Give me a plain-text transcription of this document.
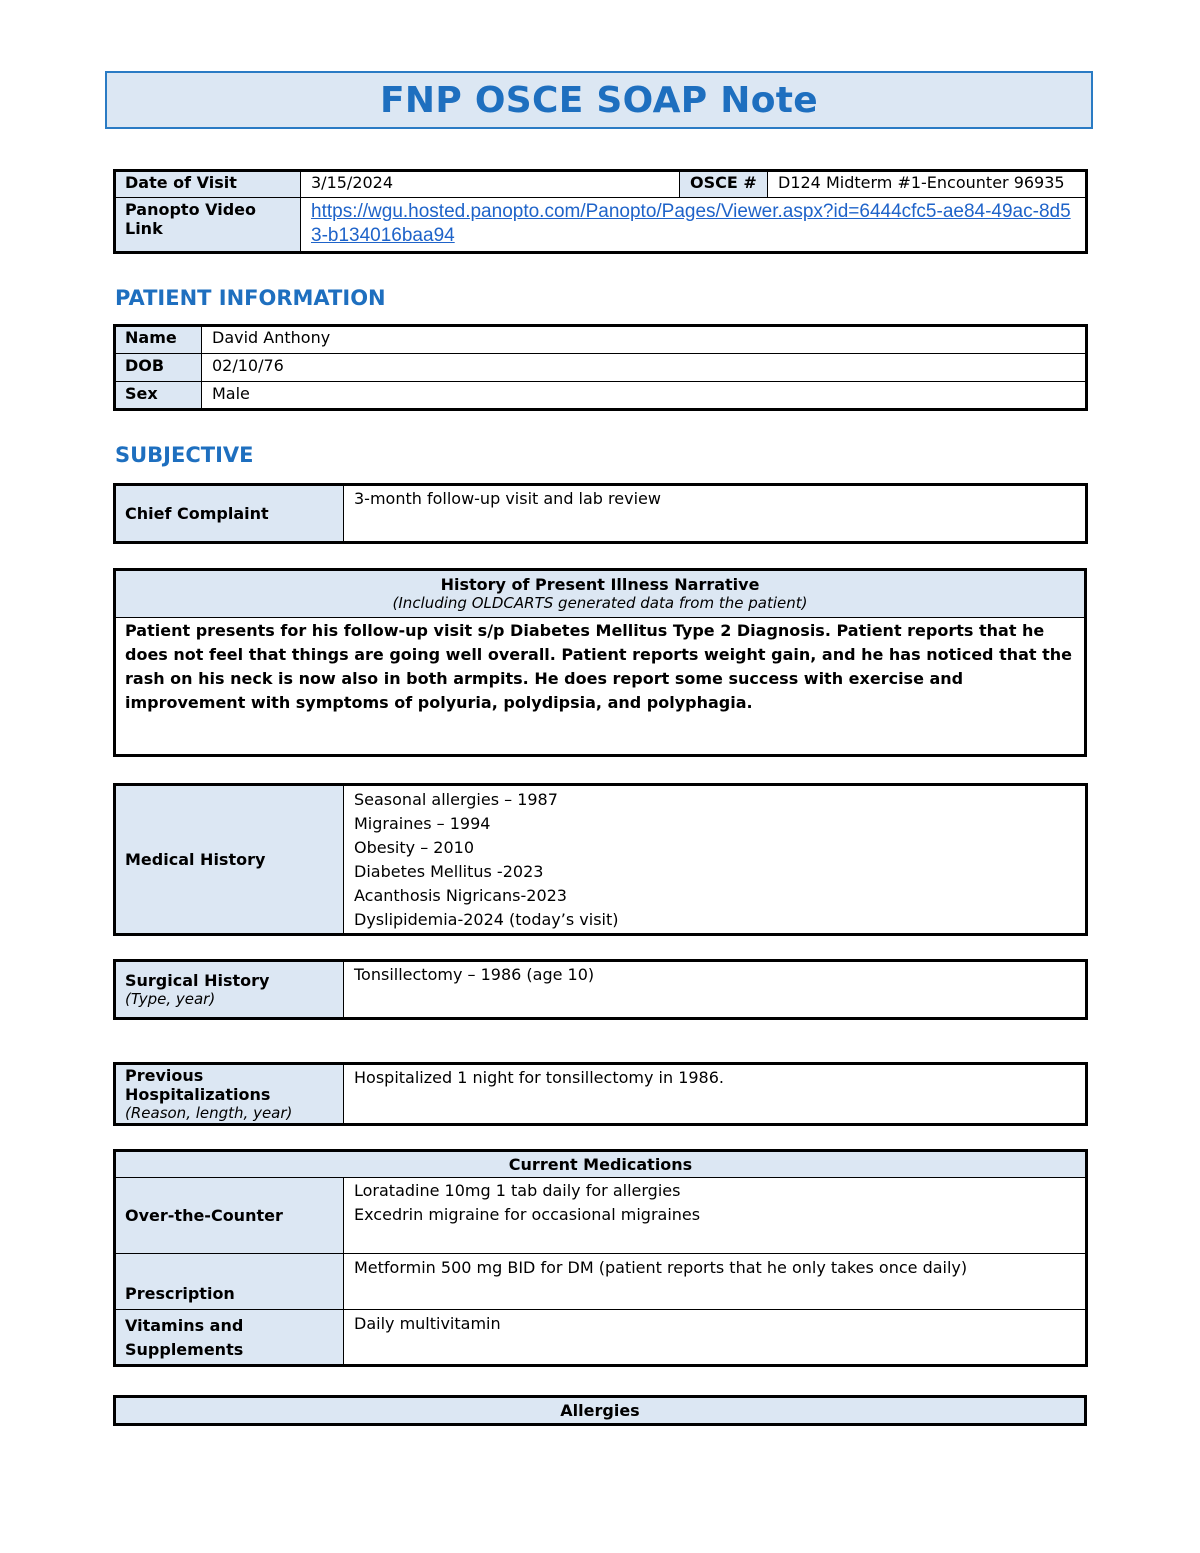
FNP OSCE SOAP Note
Date of Visit	3/15/2024	OSCE #	D124 Midterm #1-Encounter 96935
Panopto Video Link	https://wgu.hosted.panopto.com/Panopto/Pages/Viewer.aspx?id=6444cfc5-ae84-49ac-8d53-b134016baa94		
PATIENT INFORMATION
Name	David Anthony
DOB	02/10/76
Sex	Male
SUBJECTIVE
Chief Complaint	3-month follow-up visit and lab review
History of Present Illness Narrative
(Including OLDCARTS generated data from the patient)

Patient presents for his follow-up visit s/p Diabetes Mellitus Type 2 Diagnosis. Patient reports that he does not feel that things are going well overall. Patient reports weight gain, and he has noticed that the rash on his neck is now also in both armpits. He does report some success with exercise and improvement with symptoms of polyuria, polydipsia, and polyphagia.
Medical History	
Seasonal allergies – 1987
Migraines – 1994
Obesity – 2010
Diabetes Mellitus -2023
Acanthosis Nigricans-2023
Dyslipidemia-2024 (today’s visit)
Surgical History
(Type, year)
	Tonsillectomy – 1986 (age 10)
Previous Hospitalizations
(Reason, length, year)
	Hospitalized 1 night for tonsillectomy in 1986.
Current Medications	
Over-the-Counter	Loratadine 10mg 1 tab daily for allergies
Excedrin migraine for occasional migraines

Prescription	Metformin 500 mg BID for DM (patient reports that he only takes once daily)
Vitamins and Supplements	Daily multivitamin
Allergies
